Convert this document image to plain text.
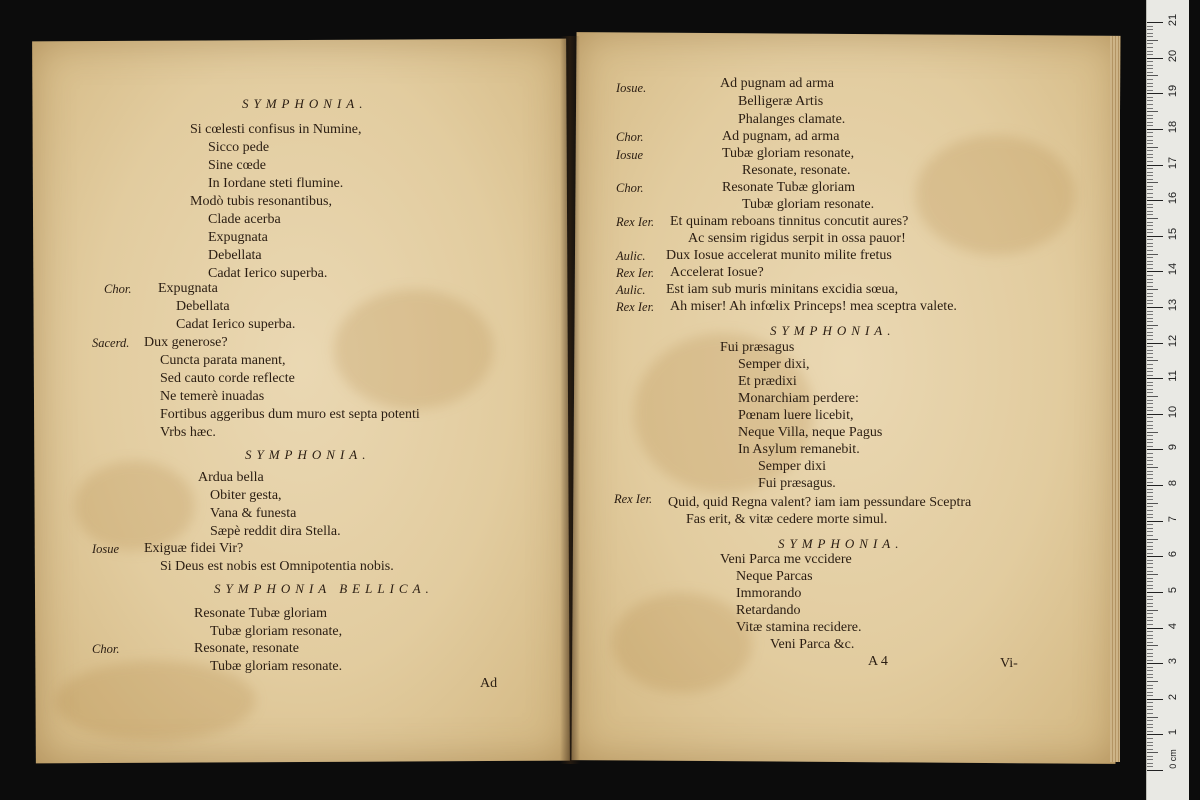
SYMPHONIA.
Si cœlesti confisus in Numine,
Sicco pede
Sine cœde
In Iordane steti flumine.
Modò tubis resonantibus,
Clade acerba
Expugnata
Debellata
Cadat Ierico superba.
Chor. Expugnata
Debellata
Cadat Ierico superba.
Sacerd. Dux generose?
Cuncta parata manent,
Sed cauto corde reflecte
Ne temerè inuadas
Fortibus aggeribus dum muro est septa potenti
Vrbs hæc.
SYMPHONIA.
Ardua bella
Obiter gesta,
Vana & funesta
Sæpè reddit dira Stella.
Iosue Exiguæ fidei Vir?
Si Deus est nobis est Omnipotentia nobis.
SYMPHONIA BELLICA.
Resonate Tubæ gloriam
Tubæ gloriam resonate,
Chor.	Resonate, resonate
Tubæ gloriam resonate.
Ad
Iosue.	Ad pugnam ad arma
Belligeræ Artis
Phalanges clamate.
Chor.	Ad pugnam, ad arma
Iosue	Tubæ gloriam resonate,
Resonate, resonate.
Chor.	Resonate Tubæ gloriam
Tubæ gloriam resonate.
Rex Ier. Et quinam reboans tinnitus concutit aures?
Ac sensim rigidus serpit in ossa pauor!
Aulic. Dux Iosue accelerat munito milite fretus
Rex Ier. Accelerat Iosue?
Aulic. Est iam sub muris minitans excidia sœua,
Rex Ier. Ah miser! Ah infœlix Princeps! mea sceptra valete.
SYMPHONIA.
Fui præsagus
Semper dixi,
Et prædixi
Monarchiam perdere:
Pœnam luere licebit,
Neque Villa, neque Pagus
In Asylum remanebit.
Semper dixi
Fui præsagus.
Rex Ier. Quid, quid Regna valent? iam iam pessundare Sceptra
Fas erit, & vitæ cedere morte simul.
SYMPHONIA.
Veni Parca me vccidere
Neque Parcas
Immorando
Retardando
Vitæ stamina recidere.
Veni Parca &c.
A 4	Vi-
21
20
19
18
17
16
15
14
13
12
11
10
9
8
7
6
5
4
3
2
1
0 cm
